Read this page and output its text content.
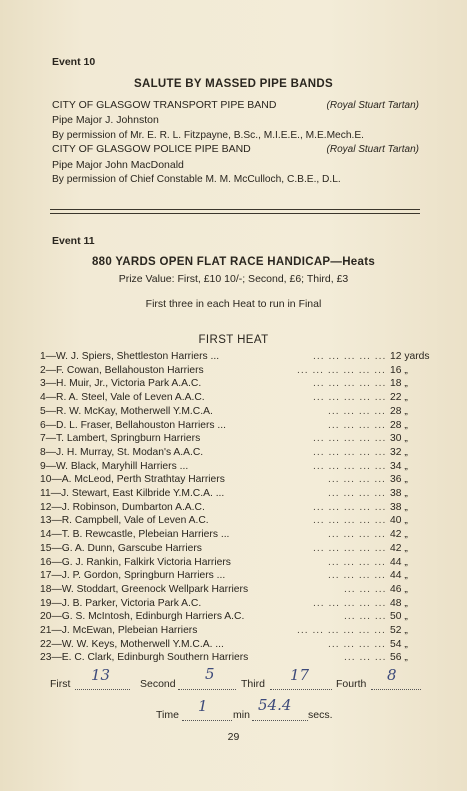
Event 10
SALUTE BY MASSED PIPE BANDS
CITY OF GLASGOW TRANSPORT PIPE BAND	(Royal Stuart Tartan)
Pipe Major J. Johnston
By permission of Mr. E. R. L. Fitzpayne, B.Sc., M.I.E.E., M.E.Mech.E.
CITY OF GLASGOW POLICE PIPE BAND	(Royal Stuart Tartan)
Pipe Major John MacDonald
By permission of Chief Constable M. M. McCulloch, C.B.E., D.L.
Event 11
880 YARDS OPEN FLAT RACE HANDICAP—Heats
Prize Value: First, £10 10/-; Second, £6; Third, £3
First three in each Heat to run in Final
FIRST HEAT
1—W. J. Spiers, Shettleston Harriers ...	... ... ... ... ... 12 yards
2—F. Cowan, Bellahouston Harriers	... ... ... ... ... ... 16 „
3—H. Muir, Jr., Victoria Park A.A.C.	... ... ... ... ... 18 „
4—R. A. Steel, Vale of Leven A.A.C.	... ... ... ... ... 22 „
5—R. W. McKay, Motherwell Y.M.C.A.	... ... ... ... 28 „
6—D. L. Fraser, Bellahouston Harriers ...	... ... ... ... 28 „
7—T. Lambert, Springburn Harriers	... ... ... ... ... 30 „
8—J. H. Murray, St. Modan's A.A.C.	... ... ... ... ... 32 „
9—W. Black, Maryhill Harriers ...	... ... ... ... ... 34 „
10—A. McLeod, Perth Strathtay Harriers	... ... ... ... 36 „
11—J. Stewart, East Kilbride Y.M.C.A. ...	... ... ... ... 38 „
12—J. Robinson, Dumbarton A.A.C.	... ... ... ... ... 38 „
13—R. Campbell, Vale of Leven A.C.	... ... ... ... ... 40 „
14—T. B. Rewcastle, Plebeian Harriers ...	... ... ... ... 42 „
15—G. A. Dunn, Garscube Harriers	... ... ... ... ... 42 „
16—G. J. Rankin, Falkirk Victoria Harriers	... ... ... ... 44 „
17—J. P. Gordon, Springburn Harriers ...	... ... ... ... 44 „
18—W. Stoddart, Greenock Wellpark Harriers	... ... ... 46 „
19—J. B. Parker, Victoria Park A.C.	... ... ... ... ... 48 „
20—G. S. McIntosh, Edinburgh Harriers A.C.	... ... ... 50 „
21—J. McEwan, Plebeian Harriers	... ... ... ... ... ... 52 „
22—W. W. Keys, Motherwell Y.M.C.A. ...	... ... ... ... 54 „
23—E. C. Clark, Edinburgh Southern Harriers	... ... ... 56 „
First 13	Second
5
Third 17	Fourth 8
Time 1 min
54.4
secs.
29
